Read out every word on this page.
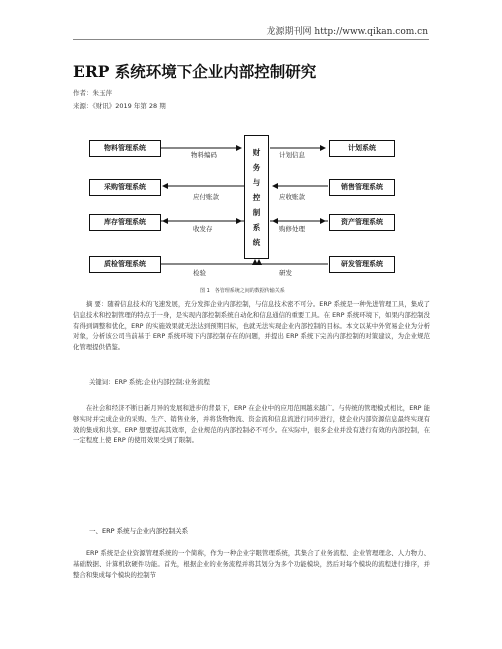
龙源期刊网 http://www.qikan.com.cn
ERP 系统环境下企业内部控制研究
作者：朱玉萍
来源：《财讯》2019 年第 28 期
物料管理系统
采购管理系统
库存管理系统
质检管理系统
计划系统
销售管理系统
资产管理系统
研发管理系统
财
务
与
控
制
系
统
物料编码
应付账款
收发存
检验
计划信息
应收账款
购修处理
研发
图 1　各管理系统之间的数据传输关系

摘 要：随着信息技术的飞速发展，充分发挥企业内部控制，与信息技术密不可分。ERP 系统是一种先进管理工具，集成了信息技术和控制管理的特点于一身，是实现内部控制系统自动化和信息通信的重要工具。在 ERP 系统环境下，如果内部控制没有得到调整和优化，ERP 的实施效果就无法达到预期目标，也就无法实现企业内部控制的目标。本文以某中外贸易企业为分析对象，分析该公司当前基于 ERP 系统环境下内部控制存在的问题，并提出 ERP 系统下完善内部控制的对策建议，为企业规范化管理提供借鉴。

关键词：ERP 系统;企业内部控制;业务流程

在社会和经济不断日新月异的发展和进步的背景下，ERP 在企业中的应用范围越来越广。与传统的管理模式相比，ERP 能够实时并完成企业的采购、生产、销售业务，并将货物物流、资金流和信息流进行同步进行，使企业内部资源信息最终实现有效的集成和共享。ERP 想要提高其效率，企业规范的内部控制必不可少。在实际中，很多企业并没有进行有效的内部控制，在一定程度上使 ERP 的使用效果受到了限制。

一、ERP 系统与企业内部控制关系

ERP 系统是企业资源管理系统的一个简称，作为一种企业宇眼管理系统，其集合了业务流程、企业管理理念、人力物力、基础数据、计算机软硬件功能。首先，根据企业的业务流程并将其划分为多个功能模块，然后对每个模块的流程进行排序，并整合和集成每个模块的控制节
